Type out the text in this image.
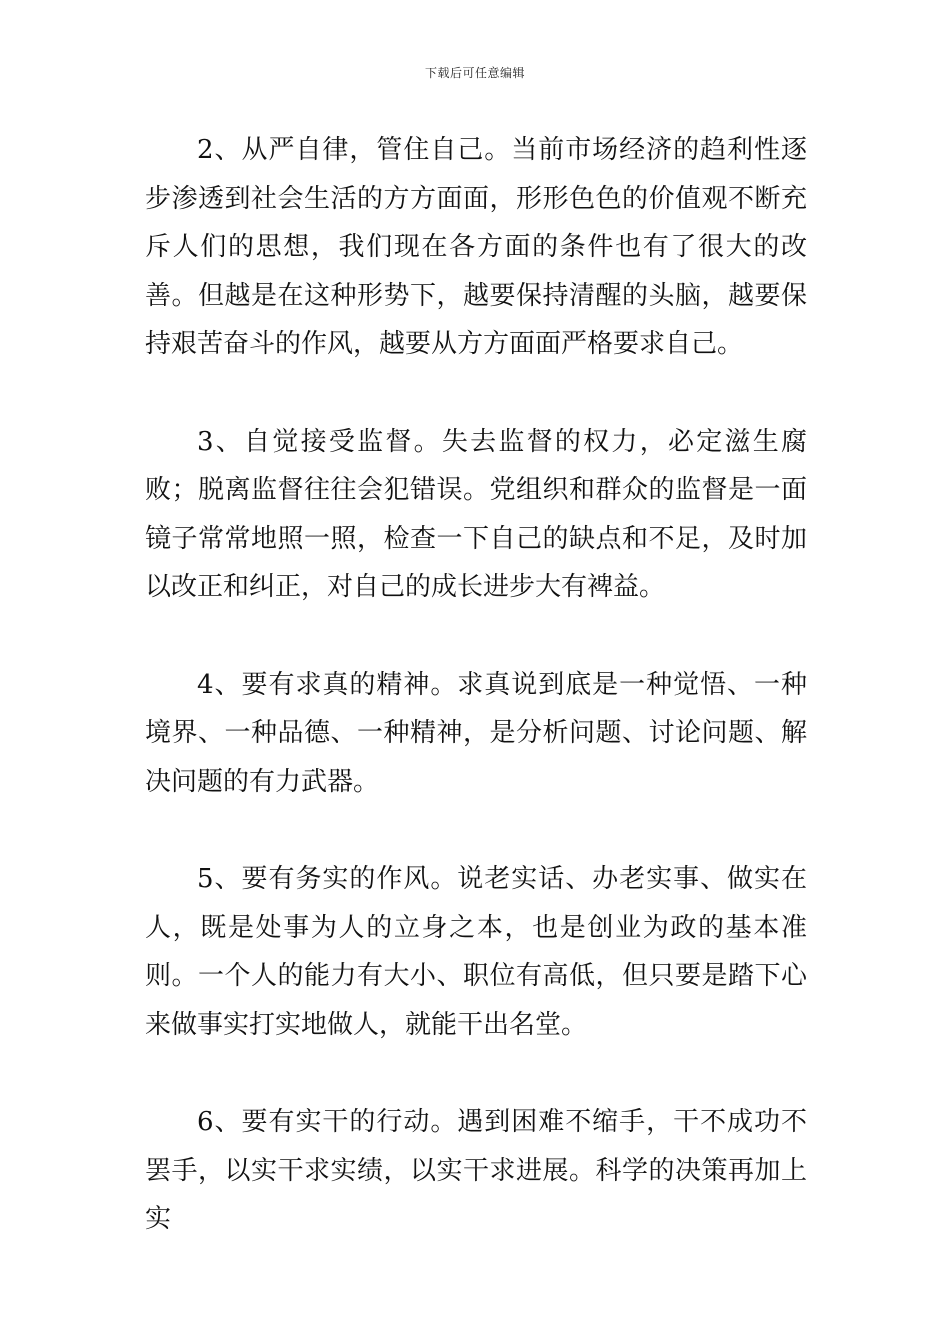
下载后可任意编辑

2、从严自律，管住自己。当前市场经济的趋利性逐步渗透到社会生活的方方面面，形形色色的价值观不断充斥人们的思想，我们现在各方面的条件也有了很大的改善。但越是在这种形势下，越要保持清醒的头脑，越要保持艰苦奋斗的作风，越要从方方面面严格要求自己。

3、自觉接受监督。失去监督的权力，必定滋生腐败；脱离监督往往会犯错误。党组织和群众的监督是一面镜子常常地照一照，检查一下自己的缺点和不足，及时加以改正和纠正，对自己的成长进步大有裨益。

4、要有求真的精神。求真说到底是一种觉悟、一种境界、一种品德、一种精神，是分析问题、讨论问题、解决问题的有力武器。

5、要有务实的作风。说老实话、办老实事、做实在人，既是处事为人的立身之本，也是创业为政的基本准则。一个人的能力有大小、职位有高低，但只要是踏下心来做事实打实地做人，就能干出名堂。

6、要有实干的行动。遇到困难不缩手，干不成功不罢手，以实干求实绩，以实干求进展。科学的决策再加上实
